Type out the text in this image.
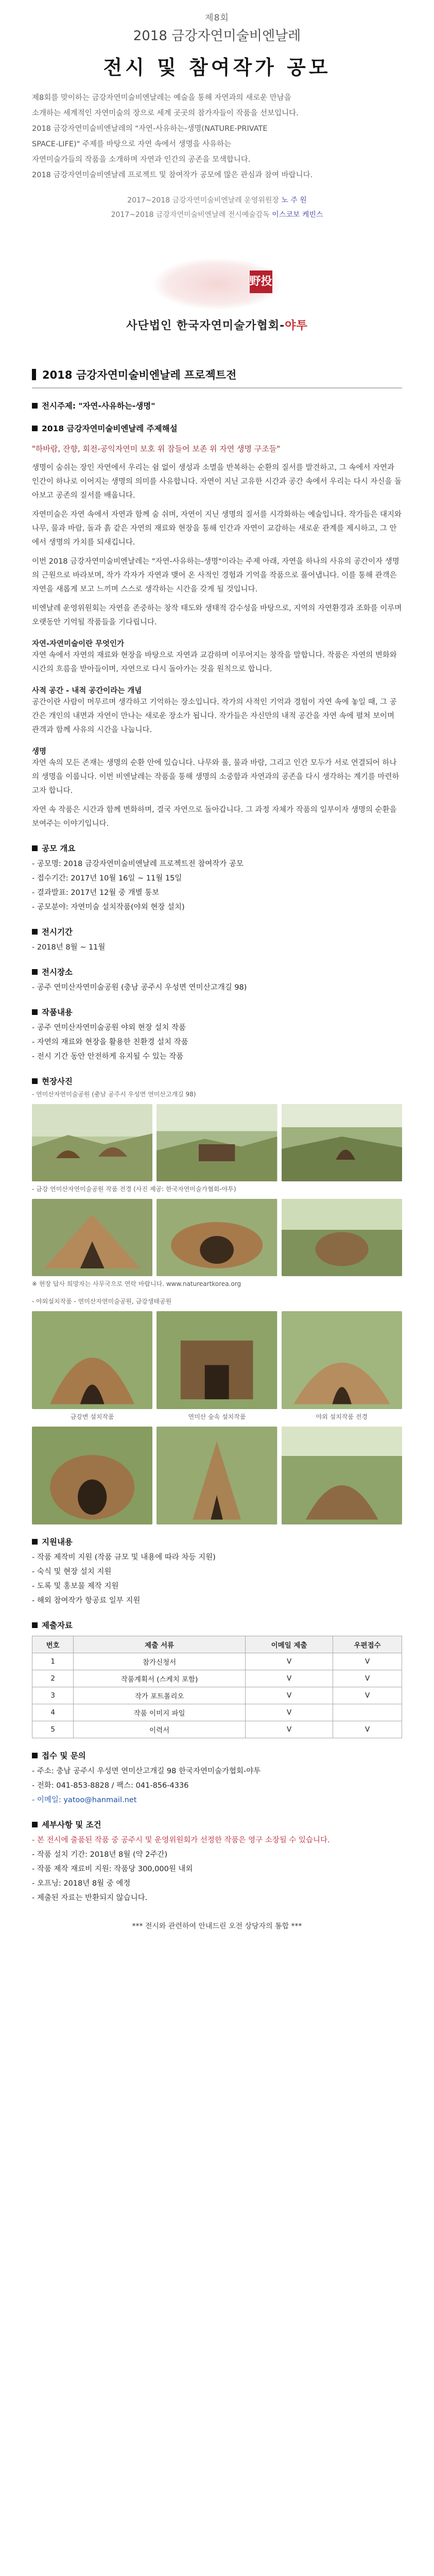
제8회
2018 금강자연미술비엔날레
전시 및 참여작가 공모

제8회를 맞이하는 금강자연미술비엔날레는 예술을 통해 자연과의 새로운 만남을

소개하는 세계적인 자연미술의 장으로 세계 곳곳의 참가자들이 작품을 선보입니다.

2018 금강자연미술비엔날레의 "자연-사유하는-생명(NATURE-PRIVATE

SPACE-LIFE)" 주제를 바탕으로 자연 속에서 생명을 사유하는

자연미술가들의 작품을 소개하며 자연과 인간의 공존을 모색합니다.

2018 금강자연미술비엔날레 프로젝트 및 참여작가 공모에 많은 관심과 참여 바랍니다.

2017~2018 금강자연미술비엔날레 운영위원장 노 주 원
2017~2018 금강자연미술비엔날레 전시예술감독 이스코보 케빈스
野投
사단법인 한국자연미술가협회-야투
2018 금강자연미술비엔날레 프로젝트전
전시주제: "자연-사유하는-생명"
2018 금강자연미술비엔날레 주제해설
"하바람, 잔향, 회전-공익자연미 보호 위 잠들어 보존 위 자연 생명 구조들"

생명이 숨쉬는 장인 자연에서 우리는 쉼 없이 생성과 소멸을 반복하는 순환의 질서를 발견하고, 그 속에서 자연과 인간이 하나로 이어지는 생명의 의미를 사유합니다. 자연이 지닌 고유한 시간과 공간 속에서 우리는 다시 자신을 돌아보고 공존의 질서를 배웁니다.

자연미술은 자연 속에서 자연과 함께 숨 쉬며, 자연이 지닌 생명의 질서를 시각화하는 예술입니다. 작가들은 대지와 나무, 물과 바람, 돌과 흙 같은 자연의 재료와 현장을 통해 인간과 자연이 교감하는 새로운 관계를 제시하고, 그 안에서 생명의 가치를 되새깁니다.

이번 2018 금강자연미술비엔날레는 "자연-사유하는-생명"이라는 주제 아래, 자연을 하나의 사유의 공간이자 생명의 근원으로 바라보며, 작가 각자가 자연과 맺어 온 사적인 경험과 기억을 작품으로 풀어냅니다. 이를 통해 관객은 자연을 새롭게 보고 느끼며 스스로 생각하는 시간을 갖게 될 것입니다.

비엔날레 운영위원회는 자연을 존중하는 창작 태도와 생태적 감수성을 바탕으로, 지역의 자연환경과 조화를 이루며 오랫동안 기억될 작품들을 기다립니다.

자연-자연미술이란 무엇인가

자연 속에서 자연의 재료와 현장을 바탕으로 자연과 교감하며 이루어지는 창작을 말합니다. 작품은 자연의 변화와 시간의 흐름을 받아들이며, 자연으로 다시 돌아가는 것을 원칙으로 합니다.

사적 공간 - 내적 공간이라는 개념

공간이란 사람이 머무르며 생각하고 기억하는 장소입니다. 작가의 사적인 기억과 경험이 자연 속에 놓일 때, 그 공간은 개인의 내면과 자연이 만나는 새로운 장소가 됩니다. 작가들은 자신만의 내적 공간을 자연 속에 펼쳐 보이며 관객과 함께 사유의 시간을 나눕니다.

생명

자연 속의 모든 존재는 생명의 순환 안에 있습니다. 나무와 풀, 물과 바람, 그리고 인간 모두가 서로 연결되어 하나의 생명을 이룹니다. 이번 비엔날레는 작품을 통해 생명의 소중함과 자연과의 공존을 다시 생각하는 계기를 마련하고자 합니다.

자연 속 작품은 시간과 함께 변화하며, 결국 자연으로 돌아갑니다. 그 과정 자체가 작품의 일부이자 생명의 순환을 보여주는 이야기입니다.

공모 개요

- 공모명: 2018 금강자연미술비엔날레 프로젝트전 참여작가 공모

- 접수기간: 2017년 10월 16일 ~ 11월 15일

- 결과발표: 2017년 12월 중 개별 통보

- 공모분야: 자연미술 설치작품(야외 현장 설치)

전시기간

- 2018년 8월 ~ 11월

전시장소

- 공주 연미산자연미술공원 (충남 공주시 우성면 연미산고개길 98)

작품내용

- 공주 연미산자연미술공원 야외 현장 설치 작품

- 자연의 재료와 현장을 활용한 친환경 설치 작품

- 전시 기간 동안 안전하게 유지될 수 있는 작품

현장사진

- 연미산자연미술공원 (충남 공주시 우성면 연미산고개길 98)

- 금강 연미산자연미술공원 작품 전경 (사진 제공: 한국자연미술가협회-야투)

※ 현장 답사 희망자는 사무국으로 연락 바랍니다. www.natureartkorea.org

- 야외설치작품 - 연미산자연미술공원, 금강생태공원

금강변 설치작품	연미산 숲속 설치작품	야외 설치작품 전경

지원내용

- 작품 제작비 지원 (작품 규모 및 내용에 따라 차등 지원)

- 숙식 및 현장 설치 지원

- 도록 및 홍보물 제작 지원

- 해외 참여작가 항공료 일부 지원

제출자료
번호	제출 서류	이메일 제출	우편접수
1	참가신청서	V	V
2	작품계획서 (스케치 포함)	V	V
3	작가 포트폴리오	V	V
4	작품 이미지 파일	V	
5	이력서	V	V
접수 및 문의

- 주소: 충남 공주시 우성면 연미산고개길 98 한국자연미술가협회-야투

- 전화: 041-853-8828 / 팩스: 041-856-4336

- 이메일: yatoo@hanmail.net

세부사항 및 조건

- 본 전시에 출품된 작품 중 공주시 및 운영위원회가 선정한 작품은 영구 소장될 수 있습니다.

- 작품 설치 기간: 2018년 8월 (약 2주간)

- 작품 제작 재료비 지원: 작품당 300,000원 내외

- 오프닝: 2018년 8월 중 예정

- 제출된 자료는 반환되지 않습니다.

*** 전시와 관련하여 안내드린 오전 상당자의 통합 ***
